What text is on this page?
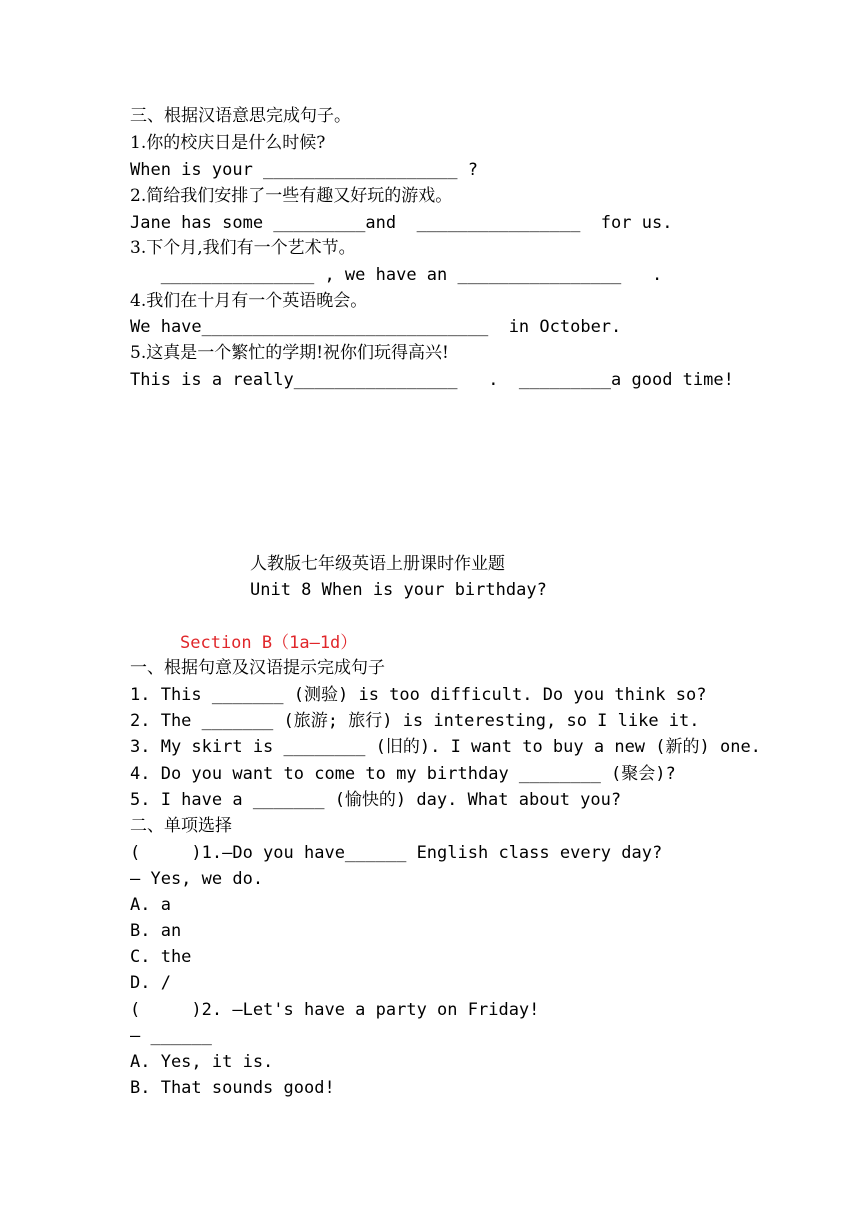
三、根据汉语意思完成句子。
1.你的校庆日是什么时候?
When is your ___________________ ?
2.简给我们安排了一些有趣又好玩的游戏。
Jane has some _________and  ________________  for us.
3.下个月,我们有一个艺术节。
_______________ , we have an ________________   .
4.我们在十月有一个英语晚会。
We have____________________________  in October.
5.这真是一个繁忙的学期!祝你们玩得高兴!
This is a really________________   .  _________a good time!
人教版七年级英语上册课时作业题
Unit 8 When is your birthday?
Section B（1a—1d）
一、根据句意及汉语提示完成句子
1. This _______ (测验) is too difficult. Do you think so?
2. The _______ (旅游; 旅行) is interesting, so I like it.
3. My skirt is ________ (旧的). I want to buy a new (新的) one.
4. Do you want to come to my birthday ________ (聚会)?
5. I have a _______ (愉快的) day. What about you?
二、单项选择
(     )1.—Do you have______ English class every day?
— Yes, we do.
A. a
B. an
C. the
D. /
(     )2. —Let's have a party on Friday!
— ______
A. Yes, it is.
B. That sounds good!
